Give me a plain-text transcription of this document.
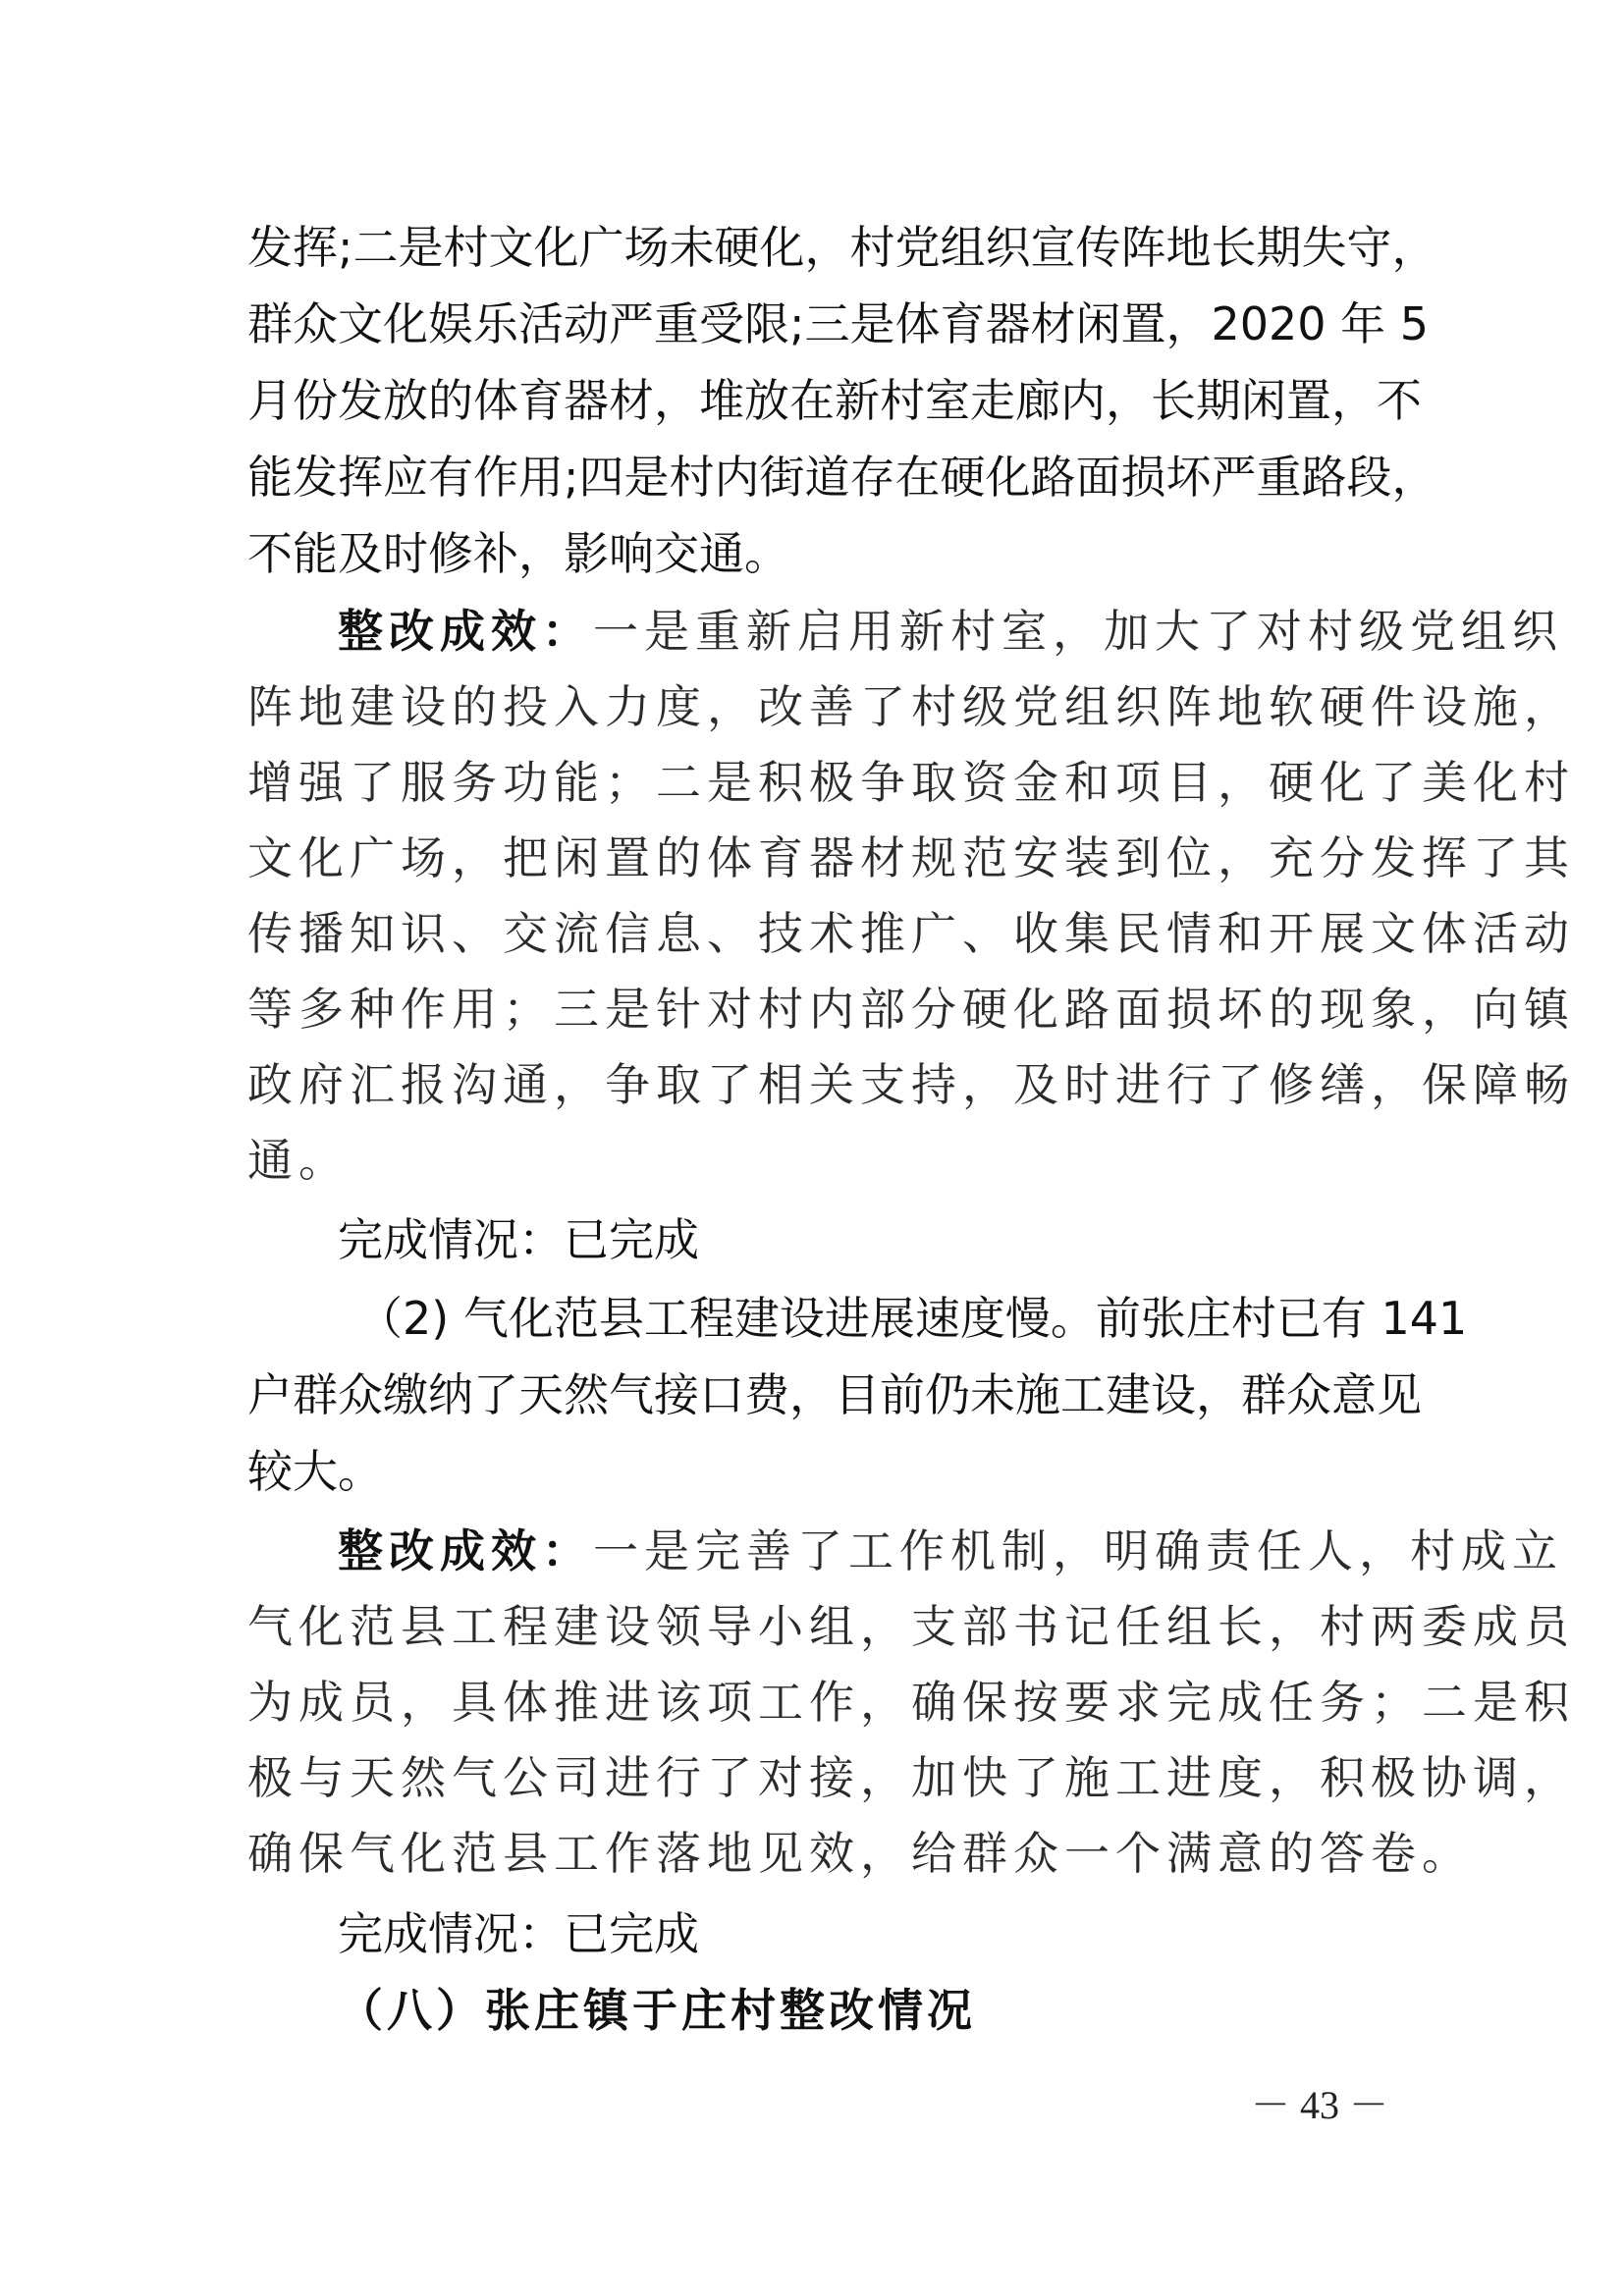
发挥;二是村文化广场未硬化，村党组织宣传阵地长期失守，
群众文化娱乐活动严重受限;三是体育器材闲置，2020 年 5
月份发放的体育器材，堆放在新村室走廊内，长期闲置，不
能发挥应有作用;四是村内街道存在硬化路面损坏严重路段，
不能及时修补，影响交通。
整改成效：一是重新启用新村室，加大了对村级党组织
阵地建设的投入力度，改善了村级党组织阵地软硬件设施，
增强了服务功能；二是积极争取资金和项目，硬化了美化村
文化广场，把闲置的体育器材规范安装到位，充分发挥了其
传播知识、交流信息、技术推广、收集民情和开展文体活动
等多种作用；三是针对村内部分硬化路面损坏的现象，向镇
政府汇报沟通，争取了相关支持，及时进行了修缮，保障畅
通。
完成情况：已完成
（2) 气化范县工程建设进展速度慢。前张庄村已有 141
户群众缴纳了天然气接口费，目前仍未施工建设，群众意见
较大。
整改成效：一是完善了工作机制，明确责任人，村成立
气化范县工程建设领导小组，支部书记任组长，村两委成员
为成员，具体推进该项工作，确保按要求完成任务；二是积
极与天然气公司进行了对接，加快了施工进度，积极协调，
确保气化范县工作落地见效，给群众一个满意的答卷。
完成情况：已完成
（八）张庄镇于庄村整改情况
－ 43 －
